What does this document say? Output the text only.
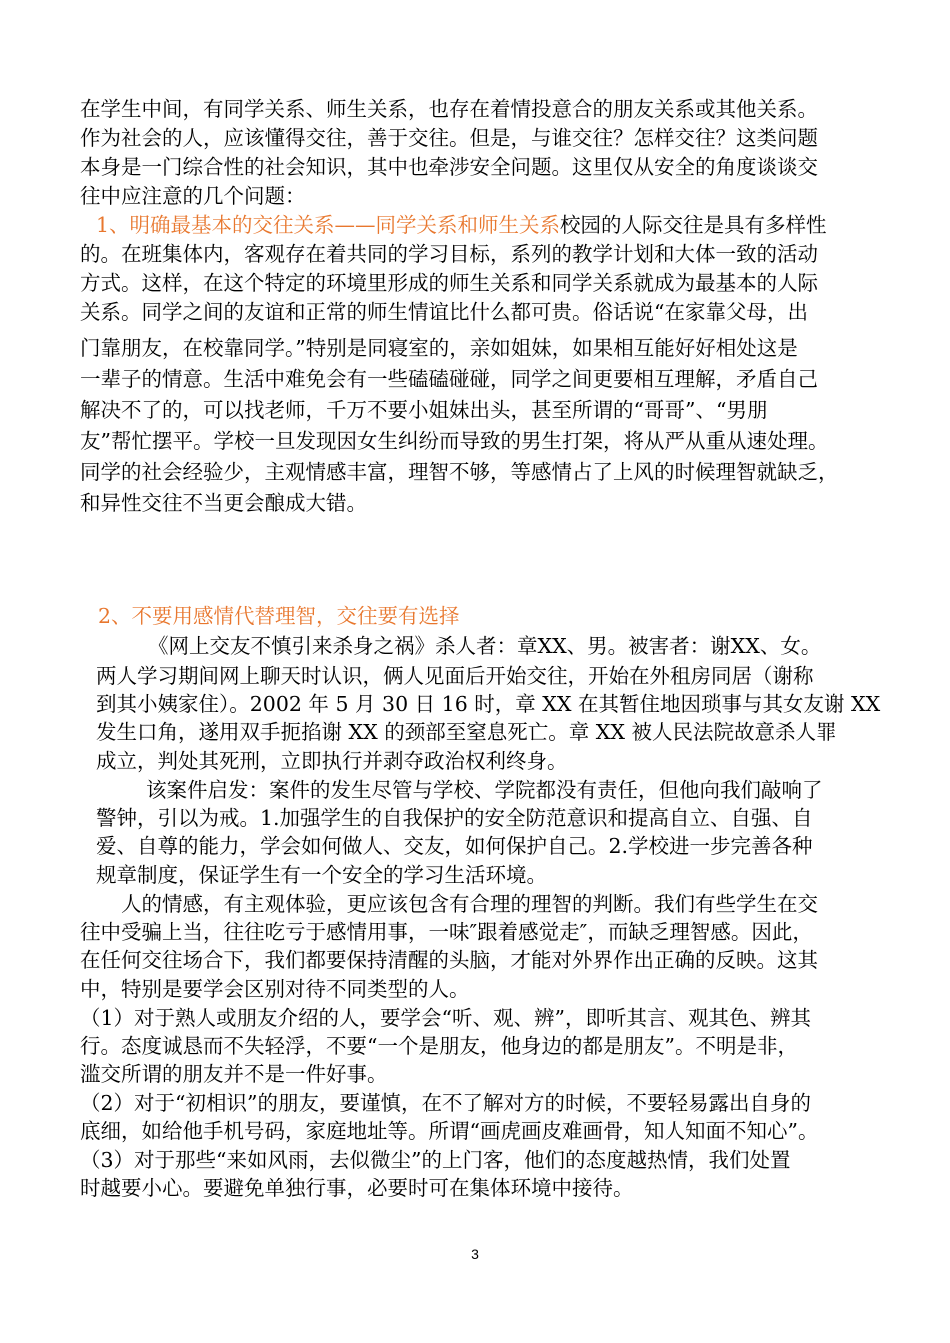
在学生中间，有同学关系、师生关系，也存在着情投意合的朋友关系或其他关系。
作为社会的人，应该懂得交往，善于交往。但是，与谁交往？怎样交往？这类问题
本身是一门综合性的社会知识，其中也牵涉安全问题。这里仅从安全的角度谈谈交
往中应注意的几个问题：
1、明确最基本的交往关系——同学关系和师生关系校园的人际交往是具有多样性
的。在班集体内，客观存在着共同的学习目标，系列的教学计划和大体一致的活动
方式。这样，在这个特定的环境里形成的师生关系和同学关系就成为最基本的人际
关系。同学之间的友谊和正常的师生情谊比什么都可贵。俗话说“在家靠父母，出
门靠朋友，在校靠同学。”特别是同寝室的，亲如姐妹，如果相互能好好相处这是
一辈子的情意。生活中难免会有一些磕磕碰碰，同学之间更要相互理解，矛盾自己
解决不了的，可以找老师，千万不要小姐妹出头，甚至所谓的“哥哥”、“男朋
友”帮忙摆平。学校一旦发现因女生纠纷而导致的男生打架，将从严从重从速处理。
同学的社会经验少，主观情感丰富，理智不够，等感情占了上风的时候理智就缺乏，
和异性交往不当更会酿成大错。
2、不要用感情代替理智，交往要有选择
《网上交友不慎引来杀身之祸》杀人者：章XX、男。被害者：谢XX、女。
两人学习期间网上聊天时认识，俩人见面后开始交往，开始在外租房同居（谢称
到其小姨家住）。2002 年 5 月 30 日 16 时，章 XX 在其暂住地因琐事与其女友谢 XX
发生口角，遂用双手扼掐谢 XX 的颈部至窒息死亡。章 XX 被人民法院故意杀人罪
成立，判处其死刑，立即执行并剥夺政治权利终身。
该案件启发：案件的发生尽管与学校、学院都没有责任，但他向我们敲响了
警钟，引以为戒。1.加强学生的自我保护的安全防范意识和提高自立、自强、自
爱、自尊的能力，学会如何做人、交友，如何保护自己。2.学校进一步完善各种
规章制度，保证学生有一个安全的学习生活环境。
人的情感，有主观体验，更应该包含有合理的理智的判断。我们有些学生在交
往中受骗上当，往往吃亏于感情用事，一味″跟着感觉走″，而缺乏理智感。因此，
在任何交往场合下，我们都要保持清醒的头脑，才能对外界作出正确的反映。这其
中，特别是要学会区别对待不同类型的人。
（1）对于熟人或朋友介绍的人，要学会“听、观、辨”，即听其言、观其色、辨其
行。态度诚恳而不失轻浮，不要“一个是朋友，他身边的都是朋友”。不明是非，
滥交所谓的朋友并不是一件好事。
（2）对于“初相识”的朋友，要谨慎，在不了解对方的时候，不要轻易露出自身的
底细，如给他手机号码，家庭地址等。所谓“画虎画皮难画骨，知人知面不知心”。
（3）对于那些“来如风雨，去似微尘”的上门客，他们的态度越热情，我们处置
时越要小心。要避免单独行事，必要时可在集体环境中接待。
3
